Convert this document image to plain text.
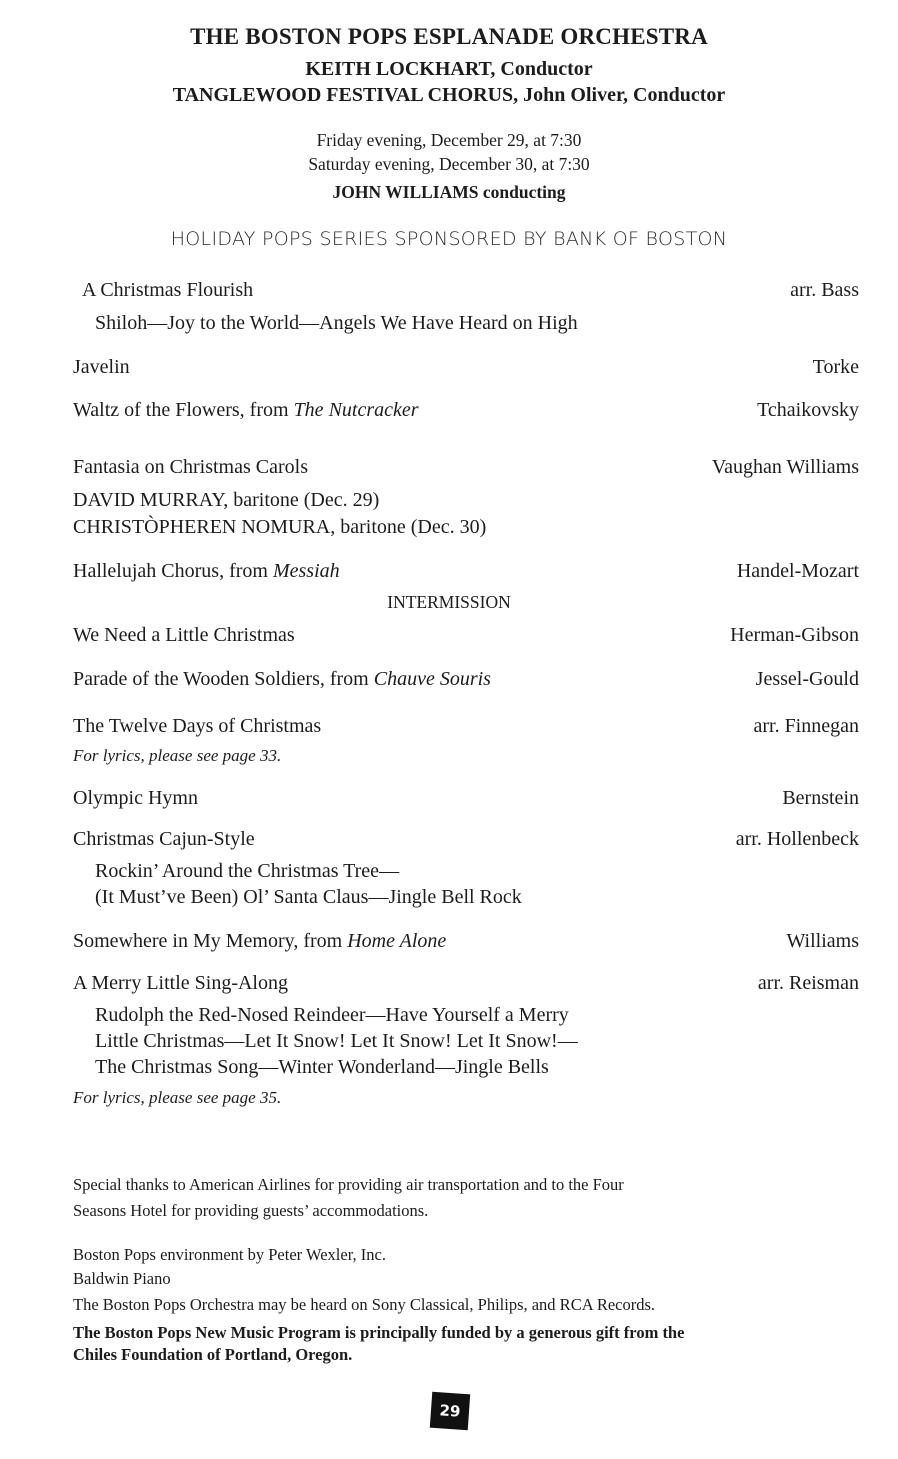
THE BOSTON POPS ESPLANADE ORCHESTRA
KEITH LOCKHART, Conductor
TANGLEWOOD FESTIVAL CHORUS, John Oliver, Conductor
Friday evening, December 29, at 7:30
Saturday evening, December 30, at 7:30
JOHN WILLIAMS conducting
HOLIDAY POPS SERIES SPONSORED BY BANK OF BOSTON
A Christmas Flourish	arr. Bass
Shiloh—Joy to the World—Angels We Have Heard on High
Javelin	Torke
Waltz of the Flowers, from The Nutcracker	Tchaikovsky
Fantasia on Christmas Carols	Vaughan Williams
DAVID MURRAY, baritone (Dec. 29)
CHRISTÒPHEREN NOMURA, baritone (Dec. 30)
Hallelujah Chorus, from Messiah	Handel-Mozart
INTERMISSION
We Need a Little Christmas	Herman-Gibson
Parade of the Wooden Soldiers, from Chauve Souris	Jessel-Gould
The Twelve Days of Christmas	arr. Finnegan
For lyrics, please see page 33.
Olympic Hymn	Bernstein
Christmas Cajun-Style	arr. Hollenbeck
Rockin’ Around the Christmas Tree—
(It Must’ve Been) Ol’ Santa Claus—Jingle Bell Rock
Somewhere in My Memory, from Home Alone	Williams
A Merry Little Sing-Along	arr. Reisman
Rudolph the Red-Nosed Reindeer—Have Yourself a Merry
Little Christmas—Let It Snow! Let It Snow! Let It Snow!—
The Christmas Song—Winter Wonderland—Jingle Bells
For lyrics, please see page 35.
Special thanks to American Airlines for providing air transportation and to the Four
Seasons Hotel for providing guests’ accommodations.
Boston Pops environment by Peter Wexler, Inc.
Baldwin Piano
The Boston Pops Orchestra may be heard on Sony Classical, Philips, and RCA Records.
The Boston Pops New Music Program is principally funded by a generous gift from the
Chiles Foundation of Portland, Oregon.
29
